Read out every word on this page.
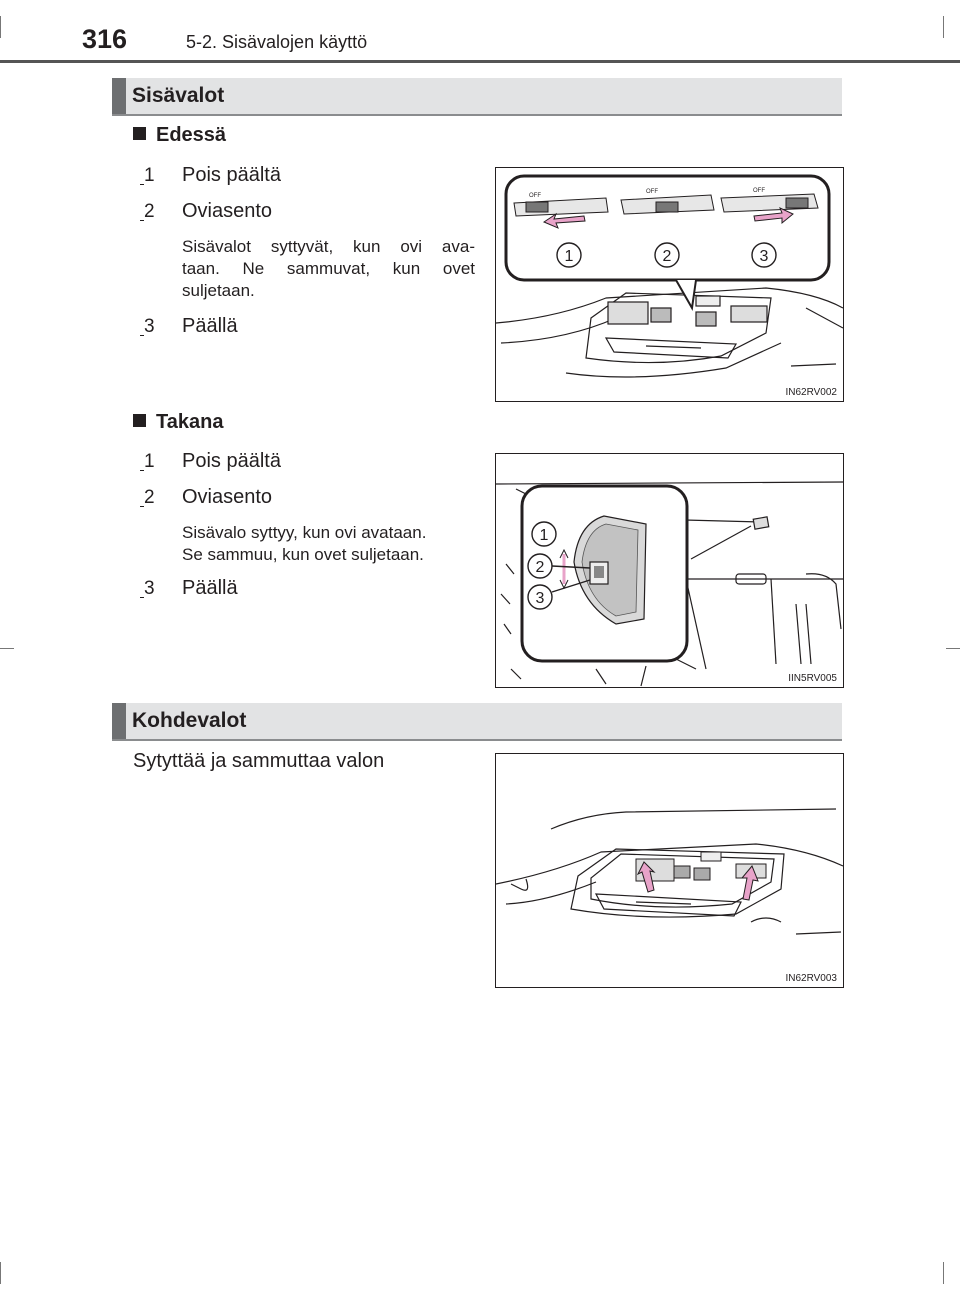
316	5-2. Sisävalojen käyttö
Sisävalot
Edessä
1 Pois päältä
2 Oviasento
Sisävalot syttyvät, kun ovi ava-
taan. Ne sammuvat, kun ovet
suljetaan.
3 Päällä
OFF
OFF	OFF
1	2	3
IN62RV002
Takana
1 Pois päältä
2 Oviasento
Sisävalo syttyy, kun ovi avataan.
Se sammuu, kun ovet suljetaan.
3 Päällä
1
2
3
IIN5RV005
Kohdevalot
Sytyttää ja sammuttaa valon
IN62RV003
